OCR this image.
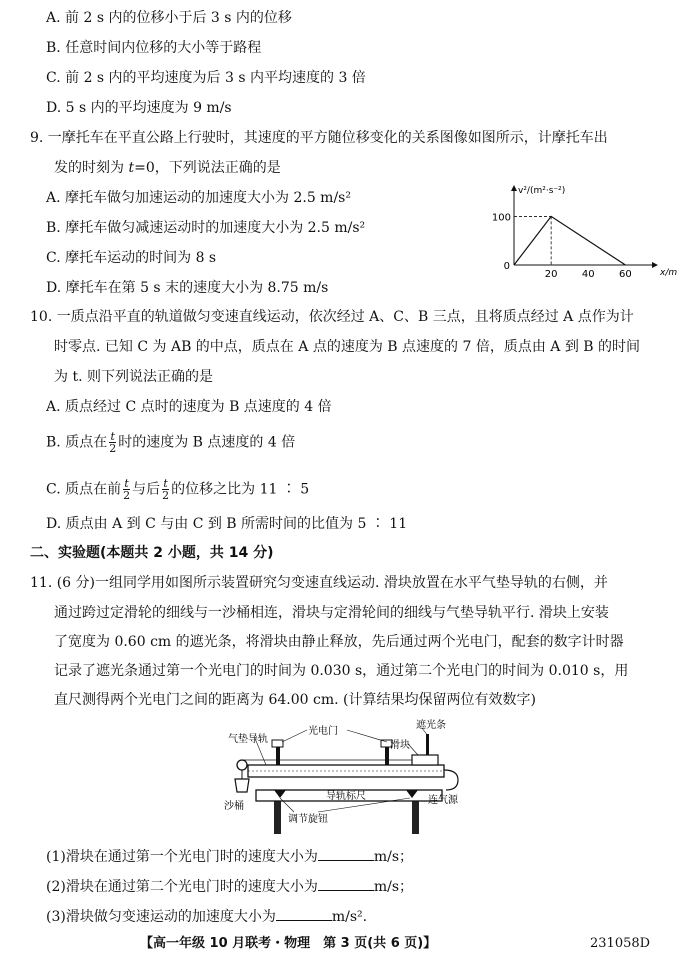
A. 前 2 s 内的位移小于后 3 s 内的位移
B. 任意时间内位移的大小等于路程
C. 前 2 s 内的平均速度为后 3 s 内平均速度的 3 倍
D. 5 s 内的平均速度为 9 m/s
9. 一摩托车在平直公路上行驶时，其速度的平方随位移变化的关系图像如图所示，计摩托车出
发的时刻为 t=0，下列说法正确的是
A. 摩托车做匀加速运动的加速度大小为 2.5 m/s²
B. 摩托车做匀减速运动时的加速度大小为 2.5 m/s²
C. 摩托车运动的时间为 8 s
D. 摩托车在第 5 s 末的速度大小为 8.75 m/s
20 40 60
100
0
v²/(m²·s⁻²)
x/m
10. 一质点沿平直的轨道做匀变速直线运动，依次经过 A、C、B 三点，且将质点经过 A 点作为计
时零点. 已知 C 为 AB 的中点，质点在 A 点的速度为 B 点速度的 7 倍，质点由 A 到 B 的时间
为 t. 则下列说法正确的是
A. 质点经过 C 点时的速度为 B 点速度的 4 倍
B. 质点在 $\frac{t}{2}$ 时的速度为 B 点速度的 4 倍
C. 质点在前 $\frac{t}{2}$ 与后 $\frac{t}{2}$ 的位移之比为 11 ∶ 5
D. 质点由 A 到 C 与由 C 到 B 所需时间的比值为 5 ∶ 11
二、实验题(本题共 2 小题，共 14 分)
11. (6 分)一组同学用如图所示装置研究匀变速直线运动. 滑块放置在水平气垫导轨的右侧，并
通过跨过定滑轮的细线与一沙桶相连，滑块与定滑轮间的细线与气垫导轨平行. 滑块上安装
了宽度为 0.60 cm 的遮光条，将滑块由静止释放，先后通过两个光电门，配套的数字计时器
记录了遮光条通过第一个光电门的时间为 0.030 s，通过第二个光电门的时间为 0.010 s，用
直尺测得两个光电门之间的距离为 64.00 cm. (计算结果均保留两位有效数字)
气垫导轨
光电门
遮光条
滑块
沙桶
导轨标尺
调节旋钮
连气源
(1)滑块在通过第一个光电门时的速度大小为	m/s；
(2)滑块在通过第二个光电门时的速度大小为	m/s；
(3)滑块做匀变速运动的加速度大小为	m/s².
【高一年级 10 月联考・物理　第 3 页(共 6 页)】	231058D
